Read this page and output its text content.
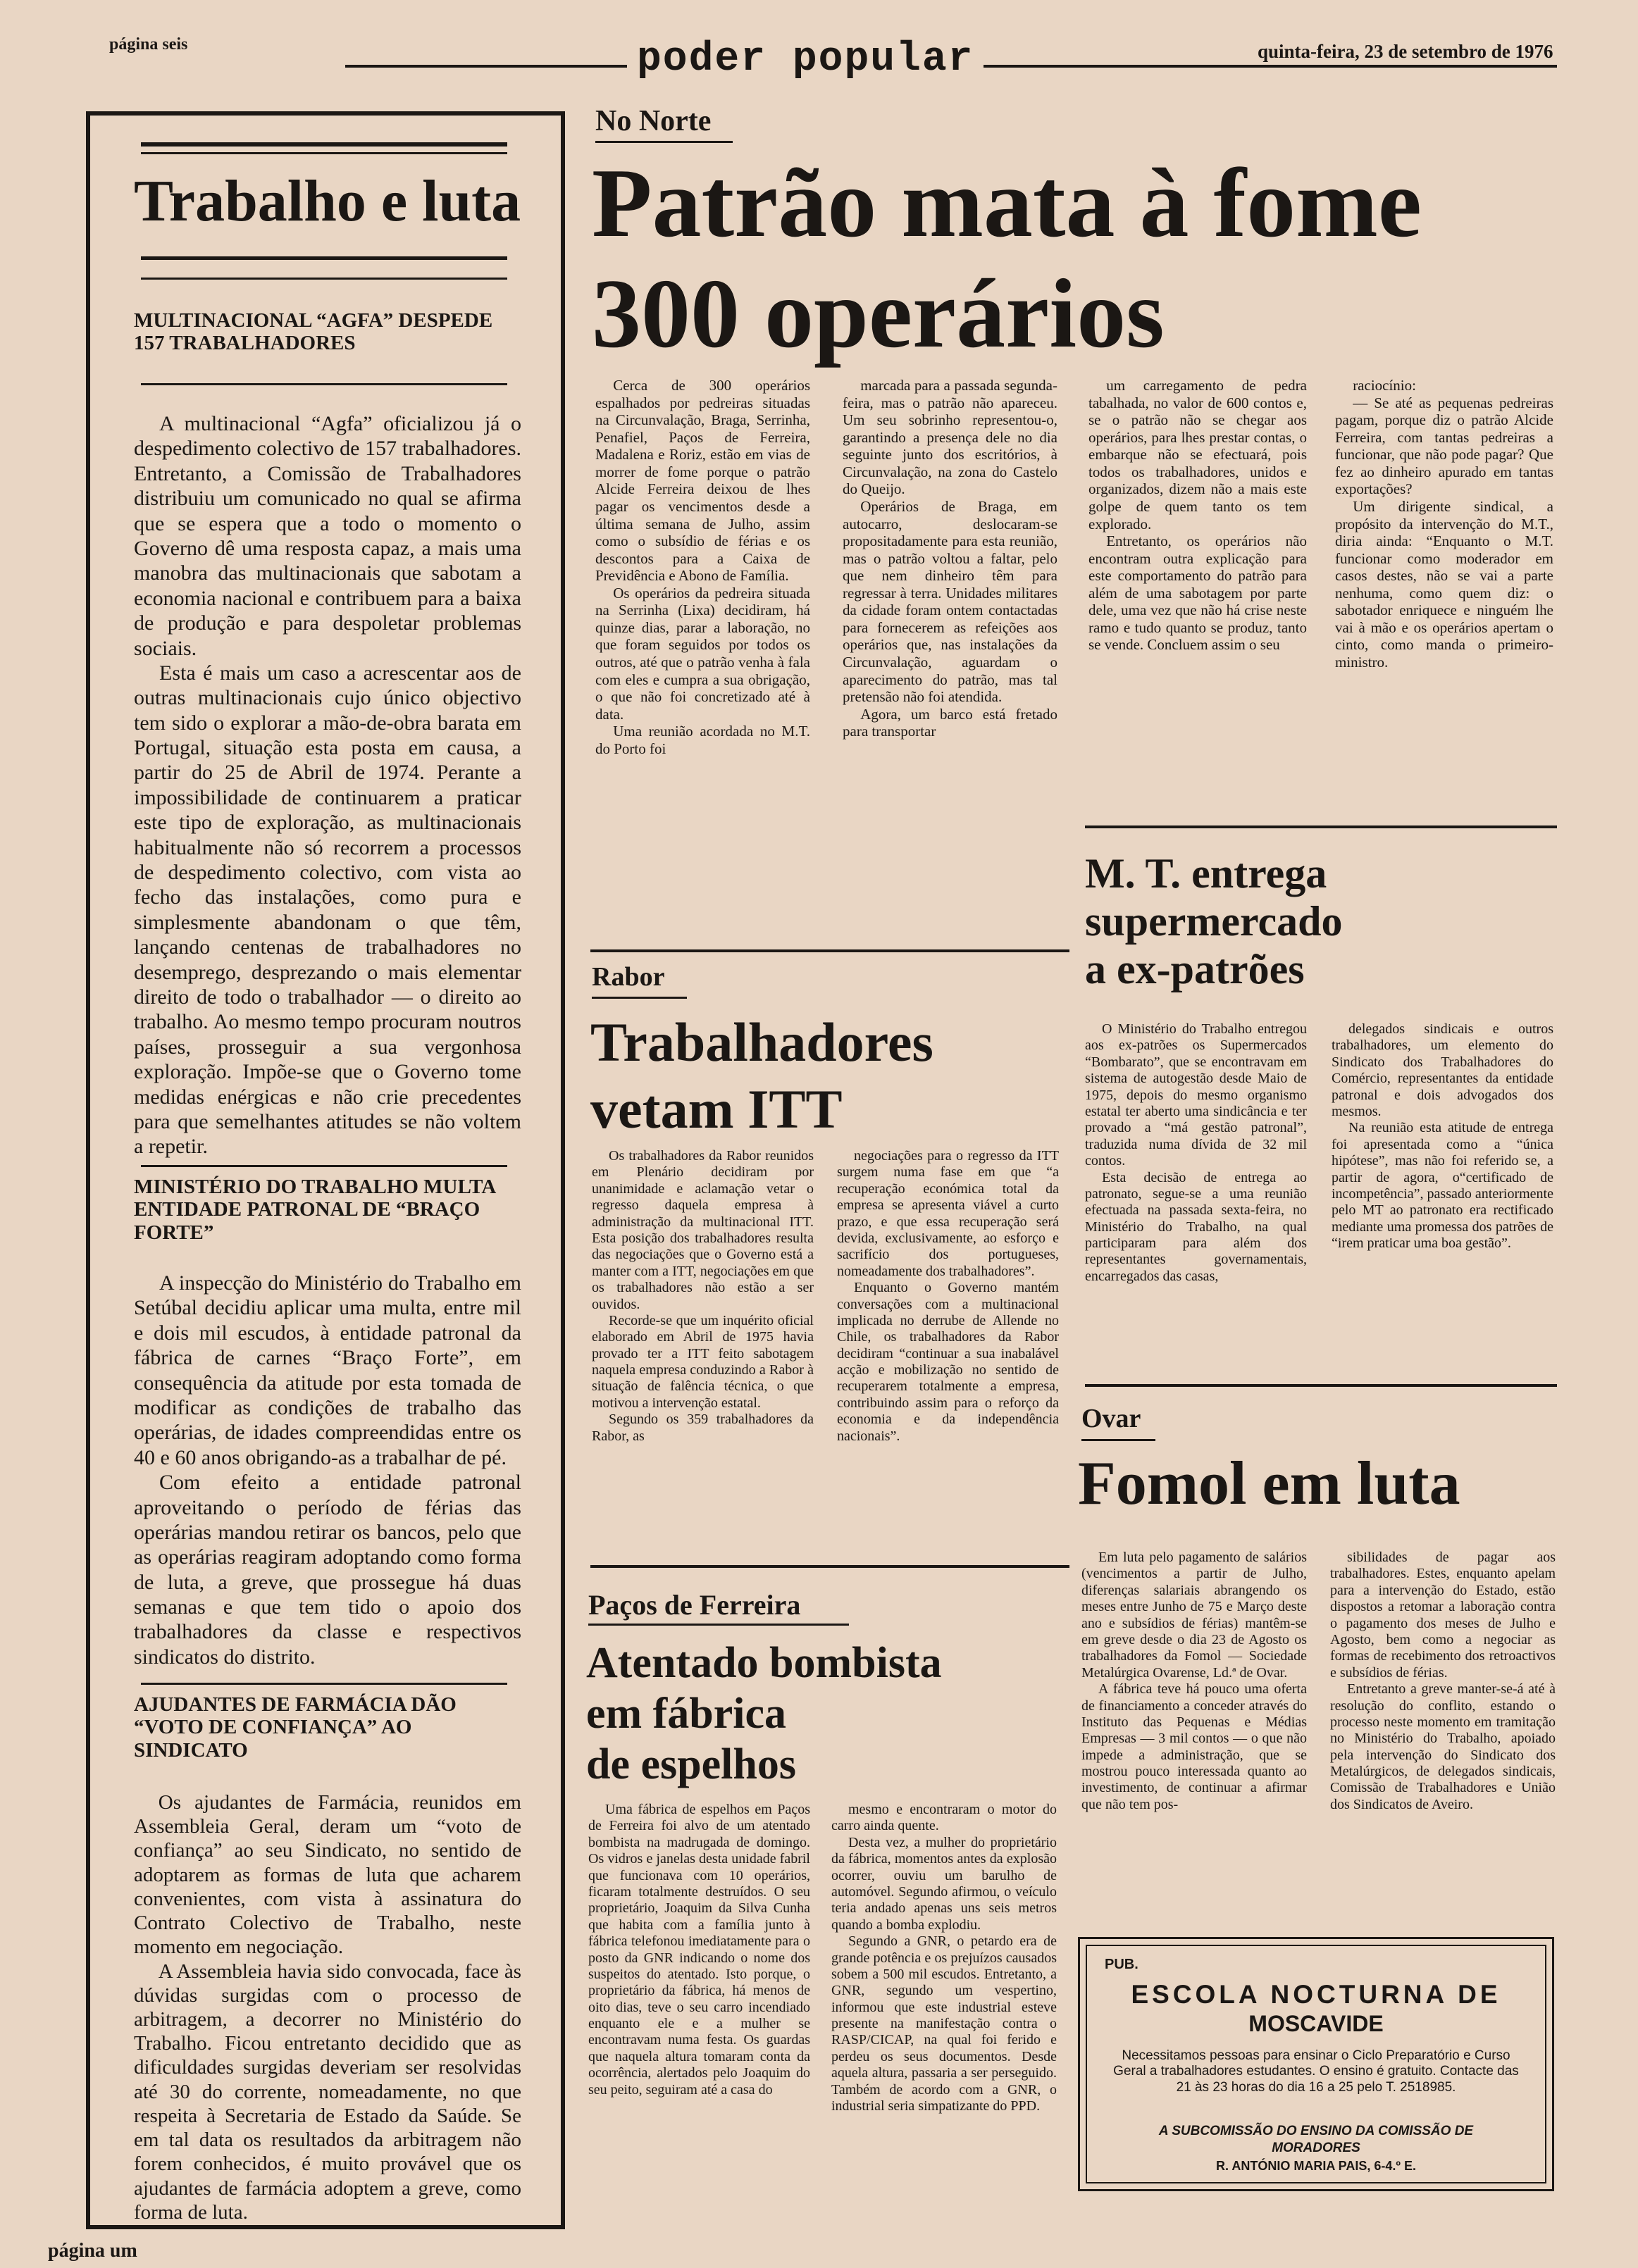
página seis	poder popular	quinta-feira, 23 de setembro de 1976
Trabalho e luta
MULTINACIONAL “AGFA” DESPEDE 157 TRABALHADORES

A multinacional “Agfa” oficializou já o despedimento colectivo de 157 trabalhadores. Entretanto, a Comissão de Trabalhadores distribuiu um comunicado no qual se afirma que se espera que a todo o momento o Governo dê uma resposta capaz, a mais uma manobra das multinacionais que sabotam a economia nacional e contribuem para a baixa de produção e para despoletar problemas sociais.

Esta é mais um caso a acrescentar aos de outras multinacionais cujo único objectivo tem sido o explorar a mão-de-obra barata em Portugal, situação esta posta em causa, a partir do 25 de Abril de 1974. Perante a impossibilidade de continuarem a praticar este tipo de exploração, as multinacionais habitualmente não só recorrem a processos de despedimento colectivo, com vista ao fecho das instalações, como pura e simplesmente abandonam o que têm, lançando centenas de trabalhadores no desemprego, desprezando o mais elementar direito de todo o trabalhador — o direito ao trabalho. Ao mesmo tempo procuram noutros países, prosseguir a sua vergonhosa exploração. Impõe-se que o Governo tome medidas enérgicas e não crie precedentes para que semelhantes atitudes se não voltem a repetir.

MINISTÉRIO DO TRABALHO MULTA ENTIDADE PATRONAL DE “BRAÇO FORTE”

A inspecção do Ministério do Trabalho em Setúbal decidiu aplicar uma multa, entre mil e dois mil escudos, à entidade patronal da fábrica de carnes “Braço Forte”, em consequência da atitude por esta tomada de modificar as condições de trabalho das operárias, de idades compreendidas entre os 40 e 60 anos obrigando-as a trabalhar de pé.

Com efeito a entidade patronal aproveitando o período de férias das operárias mandou retirar os bancos, pelo que as operárias reagiram adoptando como forma de luta, a greve, que prossegue há duas semanas e que tem tido o apoio dos trabalhadores da classe e respectivos sindicatos do distrito.

AJUDANTES DE FARMÁCIA DÃO “VOTO DE CONFIANÇA” AO SINDICATO

Os ajudantes de Farmácia, reunidos em Assembleia Geral, deram um “voto de confiança” ao seu Sindicato, no sentido de adoptarem as formas de luta que acharem convenientes, com vista à assinatura do Contrato Colectivo de Trabalho, neste momento em negociação.

A Assembleia havia sido convocada, face às dúvidas surgidas com o processo de arbitragem, a decorrer no Ministério do Trabalho. Ficou entretanto decidido que as dificuldades surgidas deveriam ser resolvidas até 30 do corrente, nomeadamente, no que respeita à Secretaria de Estado da Saúde. Se em tal data os resultados da arbitragem não forem conhecidos, é muito provável que os ajudantes de farmácia adoptem a greve, como forma de luta.

No Norte
Patrão mata à fome
300 operários

Cerca de 300 operários espalhados por pedreiras situadas na Circunvalação, Braga, Serrinha, Penafiel, Paços de Ferreira, Madalena e Roriz, estão em vias de morrer de fome porque o patrão Alcide Ferreira deixou de lhes pagar os vencimentos desde a última semana de Julho, assim como o subsídio de férias e os descontos para a Caixa de Previdência e Abono de Família.

Os operários da pedreira situada na Serrinha (Lixa) decidiram, há quinze dias, parar a laboração, no que foram seguidos por todos os outros, até que o patrão venha à fala com eles e cumpra a sua obrigação, o que não foi concretizado até à data.

Uma reunião acordada no M.T. do Porto foi

marcada para a passada segunda-feira, mas o patrão não apareceu. Um seu sobrinho representou-o, garantindo a presença dele no dia seguinte junto dos escritórios, à Circunvalação, na zona do Castelo do Queijo.

Operários de Braga, em autocarro, deslocaram-se propositadamente para esta reunião, mas o patrão voltou a faltar, pelo que nem dinheiro têm para regressar à terra. Unidades militares da cidade foram ontem contactadas para fornecerem as refeições aos operários que, nas instalações da Circunvalação, aguardam o aparecimento do patrão, mas tal pretensão não foi atendida.

Agora, um barco está fretado para transportar

um carregamento de pedra tabalhada, no valor de 600 contos e, se o patrão não se chegar aos operários, para lhes prestar contas, o embarque não se efectuará, pois todos os trabalhadores, unidos e organizados, dizem não a mais este golpe de quem tanto os tem explorado.

Entretanto, os operários não encontram outra explicação para este comportamento do patrão para além de uma sabotagem por parte dele, uma vez que não há crise neste ramo e tudo quanto se produz, tanto se vende. Concluem assim o seu

raciocínio:

— Se até as pequenas pedreiras pagam, porque diz o patrão Alcide Ferreira, com tantas pedreiras a funcionar, que não pode pagar? Que fez ao dinheiro apurado em tantas exportações?

Um dirigente sindical, a propósito da intervenção do M.T., diria ainda: “Enquanto o M.T. funcionar como moderador em casos destes, não se vai a parte nenhuma, como quem diz: o sabotador enriquece e ninguém lhe vai à mão e os operários apertam o cinto, como manda o primeiro-ministro.

Rabor
Trabalhadores
vetam ITT

Os trabalhadores da Rabor reunidos em Plenário decidiram por unanimidade e aclamação vetar o regresso daquela empresa à administração da multinacional ITT. Esta posição dos trabalhadores resulta das negociações que o Governo está a manter com a ITT, negociações em que os trabalhadores não estão a ser ouvidos.

Recorde-se que um inquérito oficial elaborado em Abril de 1975 havia provado ter a ITT feito sabotagem naquela empresa conduzindo a Rabor à situação de falência técnica, o que motivou a intervenção estatal.

Segundo os 359 trabalhadores da Rabor, as

negociações para o regresso da ITT surgem numa fase em que “a recuperação económica total da empresa se apresenta viável a curto prazo, e que essa recuperação será devida, exclusivamente, ao esforço e sacrifício dos portugueses, nomeadamente dos trabalhadores”.

Enquanto o Governo mantém conversações com a multinacional implicada no derrube de Allende no Chile, os trabalhadores da Rabor decidiram “continuar a sua inabalável acção e mobilização no sentido de recuperarem totalmente a empresa, contribuindo assim para o reforço da economia e da independência nacionais”.

Paços de Ferreira
Atentado bombista
em fábrica
de espelhos

Uma fábrica de espelhos em Paços de Ferreira foi alvo de um atentado bombista na madrugada de domingo. Os vidros e janelas desta unidade fabril que funcionava com 10 operários, ficaram totalmente destruídos. O seu proprietário, Joaquim da Silva Cunha que habita com a família junto à fábrica telefonou imediatamente para o posto da GNR indicando o nome dos suspeitos do atentado. Isto porque, o proprietário da fábrica, há menos de oito dias, teve o seu carro incendiado enquanto ele e a mulher se encontravam numa festa. Os guardas que naquela altura tomaram conta da ocorrência, alertados pelo Joaquim do seu peito, seguiram até a casa do

mesmo e encontraram o motor do carro ainda quente.

Desta vez, a mulher do proprietário da fábrica, momentos antes da explosão ocorrer, ouviu um barulho de automóvel. Segundo afirmou, o veículo teria andado apenas uns seis metros quando a bomba explodiu.

Segundo a GNR, o petardo era de grande potência e os prejuízos causados sobem a 500 mil escudos. Entretanto, a GNR, segundo um vespertino, informou que este industrial esteve presente na manifestação contra o RASP/CICAP, na qual foi ferido e perdeu os seus documentos. Desde aquela altura, passaria a ser perseguido. Também de acordo com a GNR, o industrial seria simpatizante do PPD.

M. T. entrega
supermercado
a ex-patrões

O Ministério do Trabalho entregou aos ex-patrões os Supermercados “Bombarato”, que se encontravam em sistema de autogestão desde Maio de 1975, depois do mesmo organismo estatal ter aberto uma sindicância e ter provado a “má gestão patronal”, traduzida numa dívida de 32 mil contos.

Esta decisão de entrega ao patronato, segue-se a uma reunião efectuada na passada sexta-feira, no Ministério do Trabalho, na qual participaram para além dos representantes governamentais, encarregados das casas,

delegados sindicais e outros trabalhadores, um elemento do Sindicato dos Trabalhadores do Comércio, representantes da entidade patronal e dois advogados dos mesmos.

Na reunião esta atitude de entrega foi apresentada como a “única hipótese”, mas não foi referido se, a partir de agora, o“certificado de incompetência”, passado anteriormente pelo MT ao patronato era rectificado mediante uma promessa dos patrões de “irem praticar uma boa gestão”.

Ovar
Fomol em luta

Em luta pelo pagamento de salários (vencimentos a partir de Julho, diferenças salariais abrangendo os meses entre Junho de 75 e Março deste ano e subsídios de férias) mantêm-se em greve desde o dia 23 de Agosto os trabalhadores da Fomol — Sociedade Metalúrgica Ovarense, Ld.ª de Ovar.

A fábrica teve há pouco uma oferta de financiamento a conceder através do Instituto das Pequenas e Médias Empresas — 3 mil contos — o que não impede a administração, que se mostrou pouco interessada quanto ao investimento, de continuar a afirmar que não tem pos-

sibilidades de pagar aos trabalhadores. Estes, enquanto apelam para a intervenção do Estado, estão dispostos a retomar a laboração contra o pagamento dos meses de Julho e Agosto, bem como a negociar as formas de recebimento dos retroactivos e subsídios de férias.

Entretanto a greve manter-se-á até à resolução do conflito, estando o processo neste momento em tramitação no Ministério do Trabalho, apoiado pela intervenção do Sindicato dos Metalúrgicos, de delegados sindicais, Comissão de Trabalhadores e União dos Sindicatos de Aveiro.

PUB.
ESCOLA NOCTURNA DE
MOSCAVIDE
Necessitamos pessoas para ensinar o Ciclo Preparatório e Curso Geral a trabalhadores estudantes. O ensino é gratuito. Contacte das 21 às 23 horas do dia 16 a 25 pelo T. 2518985.
A SUBCOMISSÃO DO ENSINO DA COMISSÃO DE
MORADORES
R. ANTÓNIO MARIA PAIS, 6-4.º E.
página um
